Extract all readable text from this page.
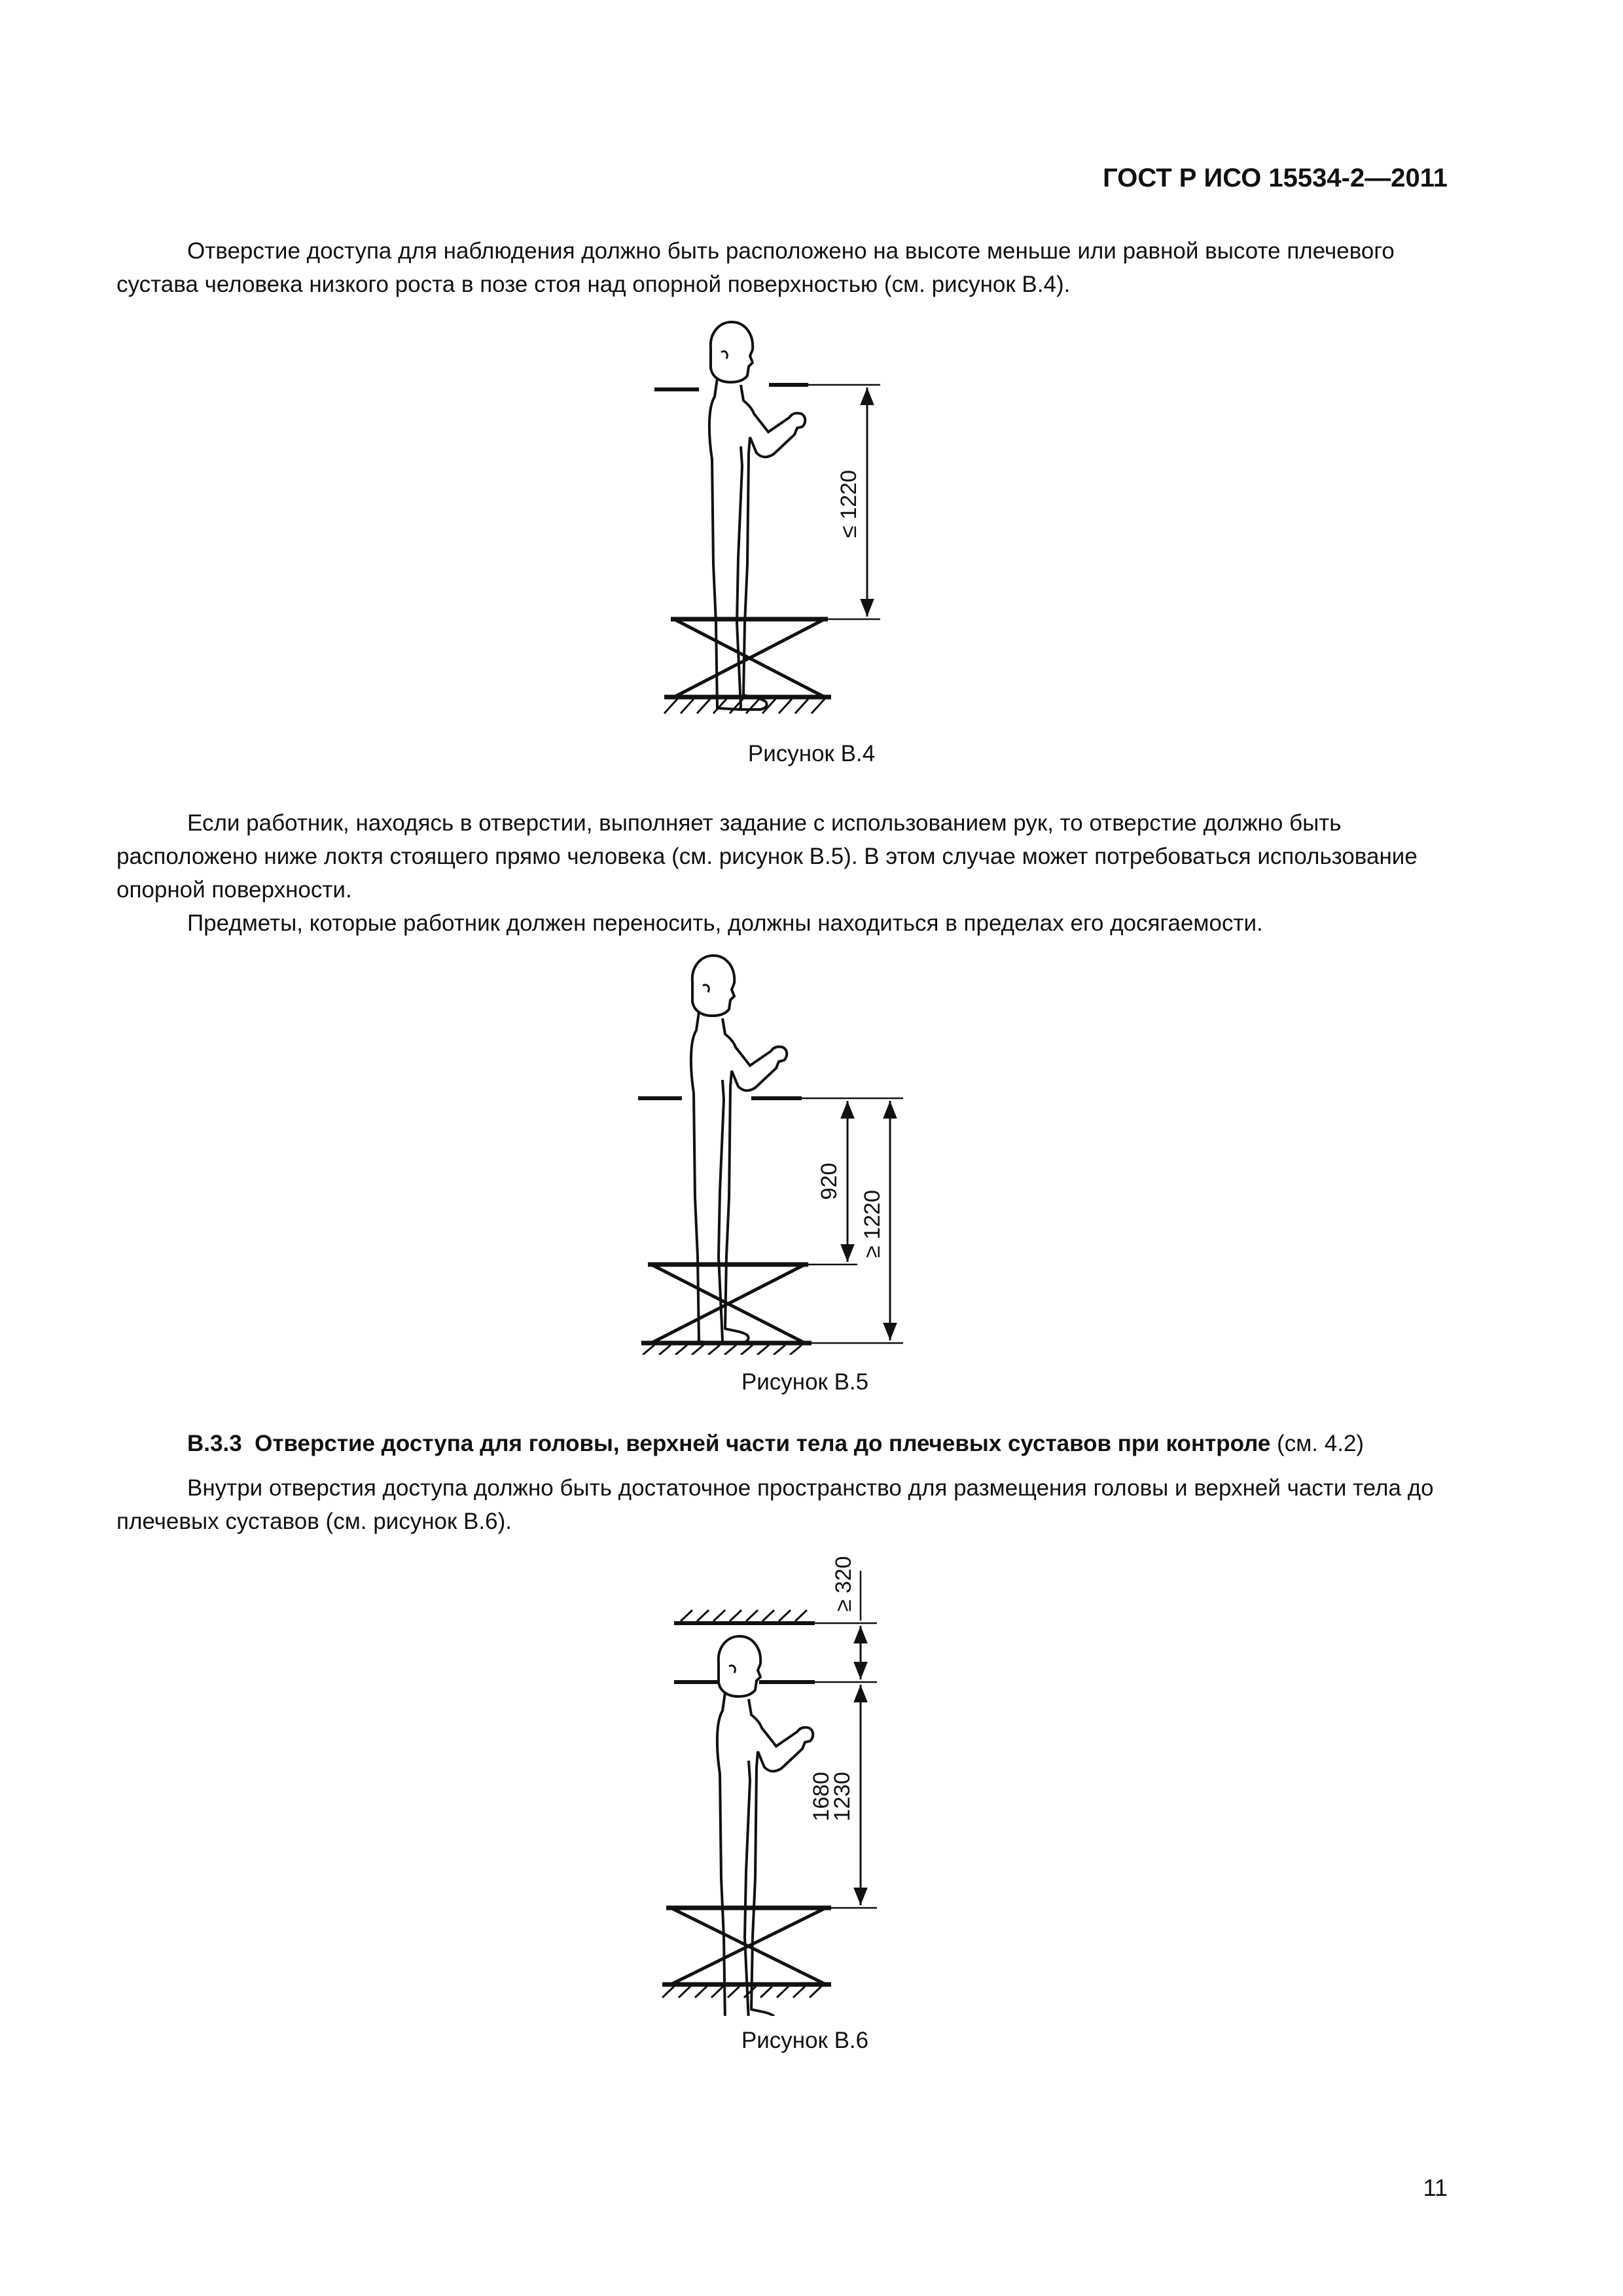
ГОСТ Р ИСО 15534-2—2011

Отверстие доступа для наблюдения должно быть расположено на высоте меньше или равной высоте плечевого сустава человека низкого роста в позе стоя над опорной поверхностью (см. рисунок В.4).

≤ 1220
Рисунок В.4

Если работник, находясь в отверстии, выполняет задание с использованием рук, то отверстие должно быть расположено ниже локтя стоящего прямо человека (см. рисунок В.5). В этом случае может потребоваться использование опорной поверхности.

Предметы, которые работник должен переносить, должны находиться в пределах его досягаемости.

920
≥ 1220
Рисунок В.5

В.3.3 Отверстие доступа для головы, верхней части тела до плечевых суставов при контроле (см. 4.2)

Внутри отверстия доступа должно быть достаточное пространство для размещения головы и верхней части тела до плечевых суставов (см. рисунок В.6).

≥ 320
1680
1230
Рисунок В.6
11
